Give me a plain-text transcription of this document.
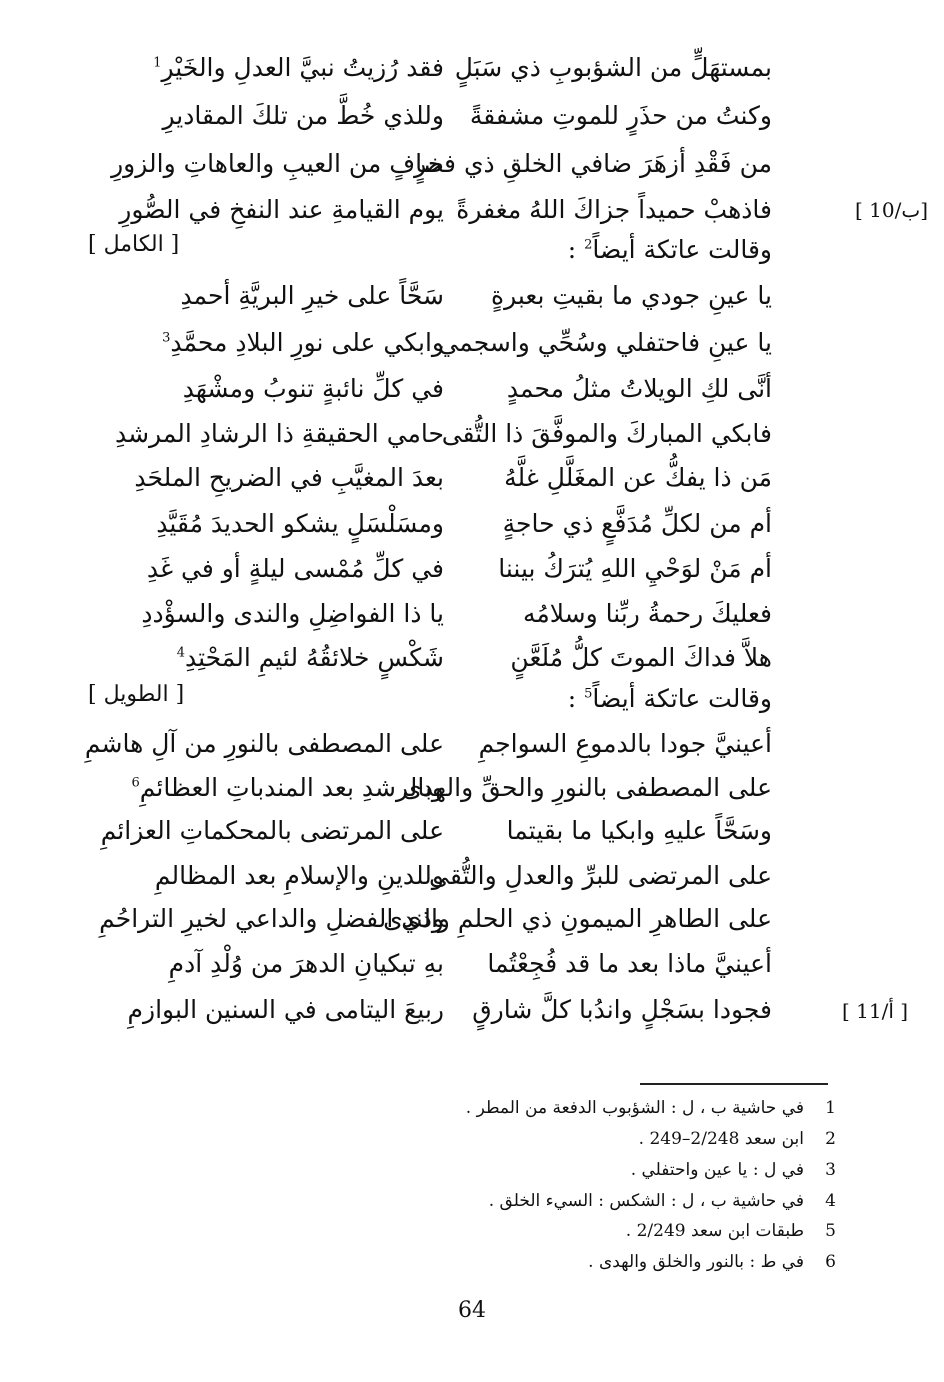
بمستهَلٍّ من الشؤبوبِ ذي سَبَلٍ
وكنتُ من حذَرٍ للموتِ مشفقةً
من فَقْدِ أزهَرَ ضافي الخلقِ ذي فخرٍ
فاذهبْ حميداً جزاكَ اللهُ مغفرةً
فقد رُزيتُ نبيَّ العدلِ والخَيْرِ$^1$
وللذي خُطَّ من تلكَ المقاديرِ
صافٍ من العيبِ والعاهاتِ والزورِ
يوم القيامةِ عند النفخِ في الصُّورِ	[ 10/ب]
وقالت عاتكة أيضاً$^2$ :
[ الكامل ]
يا عينِ جودي ما بقيتِ بعبرةٍ
يا عينِ فاحتفلي وسُحِّي واسجمي
أنَّى لكِ الويلاتُ مثلُ محمدٍ
فابكي المباركَ والموفَّقَ ذا التُّقى
مَن ذا يفكُّ عن المغَلَّلِ غلَّهُ
أم من لكلِّ مُدَفَّعٍ ذي حاجةٍ
أم مَنْ لوَحْيِ اللهِ يُترَكُ بيننا
فعليكَ رحمةُ ربِّنا وسلامُه
هلاَّ فداكَ الموتَ كلُّ مُلَعَّنٍ
سَحَّاً على خيرِ البريَّةِ أحمدِ
وابكي على نورِ البلادِ محمَّدِ$^3$
في كلِّ نائبةٍ تنوبُ ومشْهَدِ
حامي الحقيقةِ ذا الرشادِ المرشدِ
بعدَ المغيَّبِ في الضريحِ الملحَدِ
ومسَلْسَلٍ يشكو الحديدَ مُقَيَّدِ
في كلِّ مُمْسى ليلةٍ أو في غَدِ
يا ذا الفواضِلِ والندى والسؤْددِ
شَكْسٍ خلائقُهُ لئيمِ المَحْتِدِ$^4$
وقالت عاتكة أيضاً$^5$ :
[ الطويل ]
أعينيَّ جودا بالدموعِ السواجمِ
على المصطفى بالنورِ والحقِّ والهدى
وسَحَّاً عليهِ وابكيا ما بقيتما
على المرتضى للبرِّ والعدلِ والتُّقى
على الطاهرِ الميمونِ ذي الحلمِ والندى
أعينيَّ ماذا بعد ما قد فُجِعْتُما
فجودا بسَجْلٍ واندُبا كلَّ شارقٍ
على المصطفى بالنورِ من آلِ هاشمِ
وبالرشدِ بعد المندباتِ العظائمِ$^6$
على المرتضى بالمحكماتِ العزائمِ
وللدينِ والإسلامِ بعد المظالمِ
وذي الفضلِ والداعي لخيرِ التراحُمِ
بهِ تبكيانِ الدهرَ من وُلْدِ آدمِ
ربيعَ اليتامى في السنين البوازمِ	[ 11/أ ]
1في حاشية ب ، ل : الشؤبوب الدفعة من المطر .
2ابن سعد 2/248–249 .
3في ل : يا عين واحتفلي .
4في حاشية ب ، ل : الشكس : السيء الخلق .
5طبقات ابن سعد 2/249 .
6في ط : بالنور والخلق والهدى .
64
